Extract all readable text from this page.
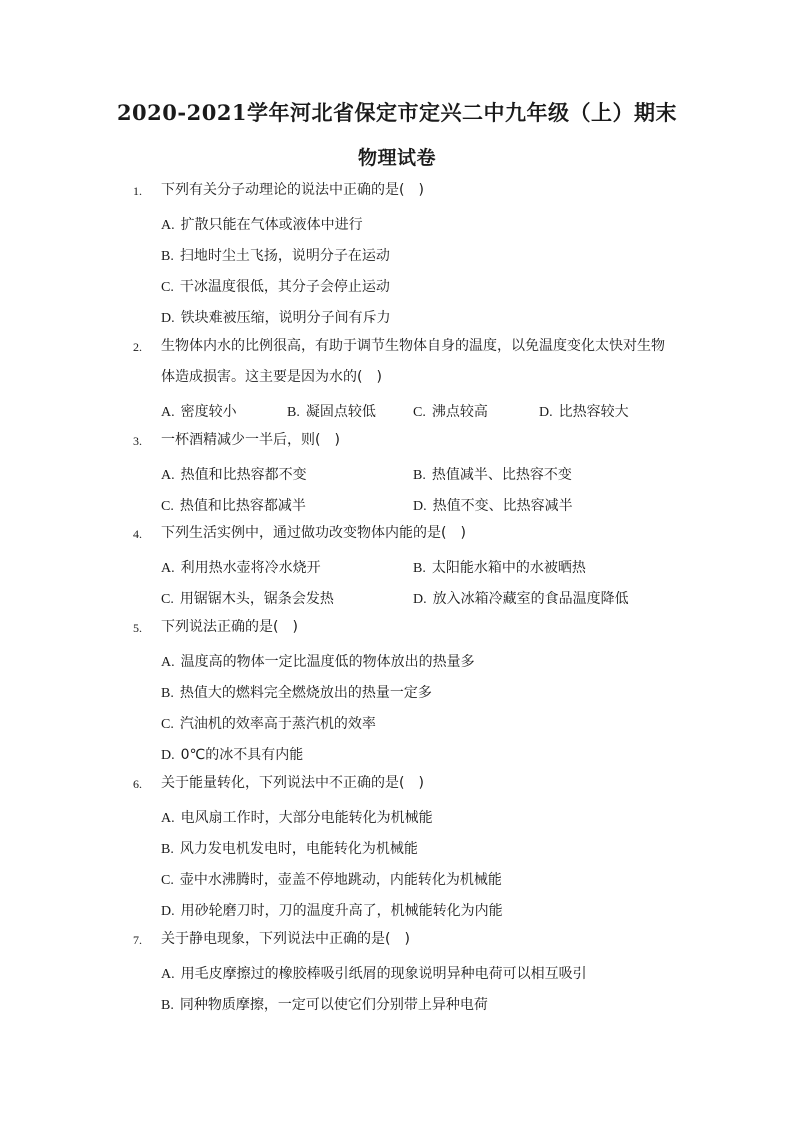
2020-2021学年河北省保定市定兴二中九年级（上）期末
物理试卷
1. 下列有关分子动理论的说法中正确的是(　)
A. 扩散只能在气体或液体中进行
B. 扫地时尘土飞扬，说明分子在运动
C. 干冰温度很低，其分子会停止运动
D. 铁块难被压缩，说明分子间有斥力
2. 生物体内水的比例很高，有助于调节生物体自身的温度，以免温度变化太快对生物体造成损害。这主要是因为水的(　)
A. 密度较小	B. 凝固点较低	C. 沸点较高	D. 比热容较大
3. 一杯酒精减少一半后，则(　)
A. 热值和比热容都不变	B. 热值减半、比热容不变
C. 热值和比热容都减半	D. 热值不变、比热容减半
4. 下列生活实例中，通过做功改变物体内能的是(　)
A. 利用热水壶将冷水烧开	B. 太阳能水箱中的水被晒热
C. 用锯锯木头，锯条会发热	D. 放入冰箱冷藏室的食品温度降低
5. 下列说法正确的是(　)
A. 温度高的物体一定比温度低的物体放出的热量多
B. 热值大的燃料完全燃烧放出的热量一定多
C. 汽油机的效率高于蒸汽机的效率
D. 0℃的冰不具有内能
6. 关于能量转化，下列说法中不正确的是(　)
A. 电风扇工作时，大部分电能转化为机械能
B. 风力发电机发电时，电能转化为机械能
C. 壶中水沸腾时，壶盖不停地跳动，内能转化为机械能
D. 用砂轮磨刀时，刀的温度升高了，机械能转化为内能
7. 关于静电现象，下列说法中正确的是(　)
A. 用毛皮摩擦过的橡胶棒吸引纸屑的现象说明异种电荷可以相互吸引
B. 同种物质摩擦，一定可以使它们分别带上异种电荷
